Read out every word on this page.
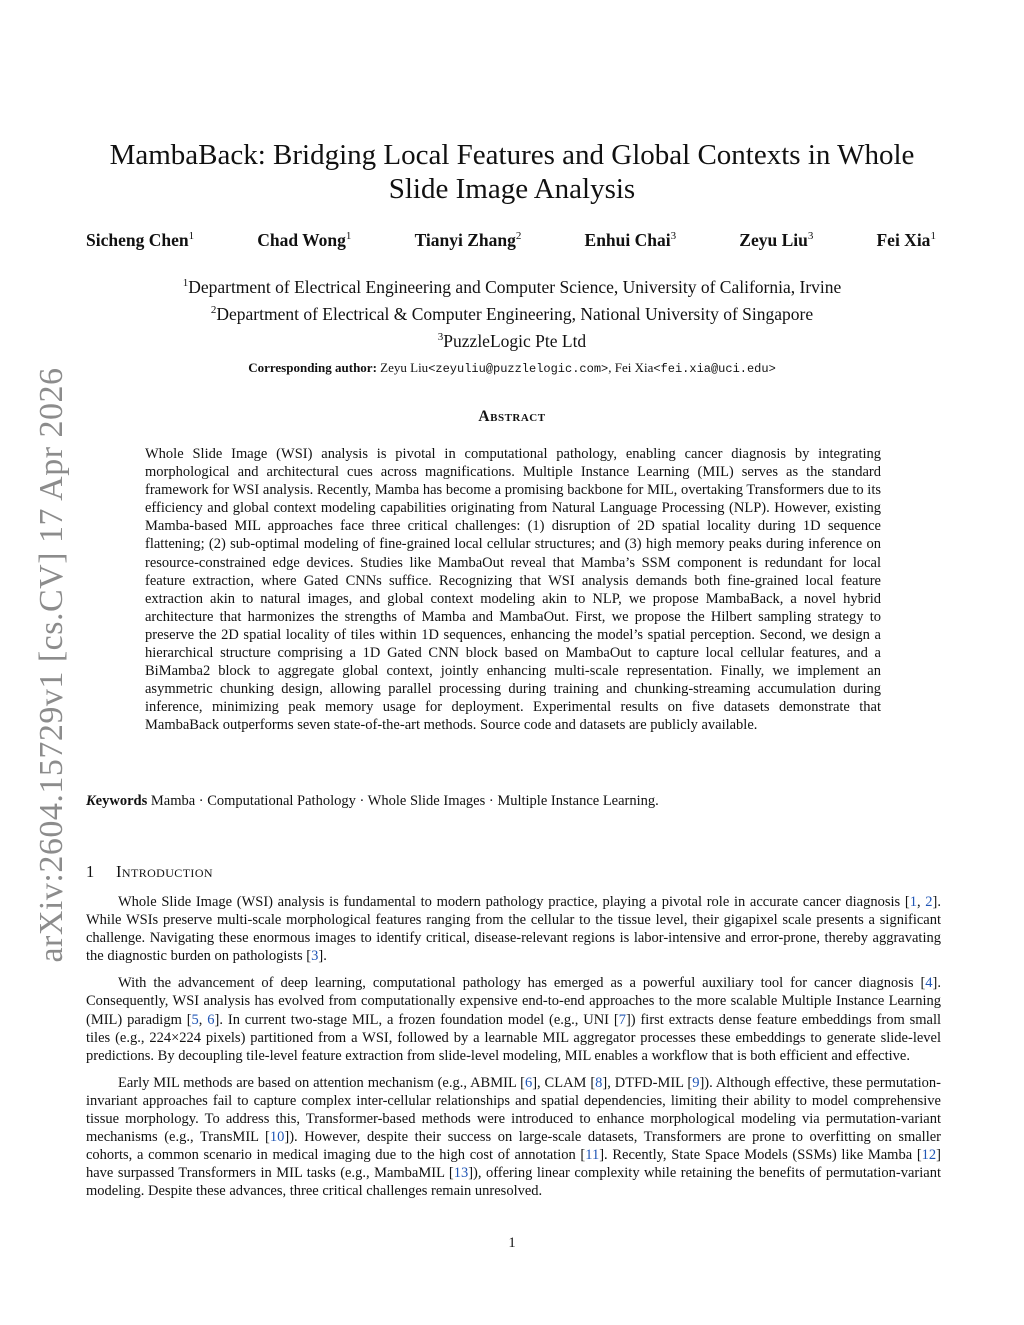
arXiv:2604.15729v1 [cs.CV] 17 Apr 2026
MambaBack: Bridging Local Features and Global Contexts in Whole Slide Image Analysis
Sicheng Chen$^1$	Chad Wong$^1$	Tianyi Zhang$^2$	Enhui Chai$^3$	Zeyu Liu$^3$	Fei Xia$^1$
$^1$Department of Electrical Engineering and Computer Science, University of California, Irvine
$^2$Department of Electrical & Computer Engineering, National University of Singapore
$^3$PuzzleLogic Pte Ltd
Corresponding author: Zeyu Liu<zeyuliu@puzzlelogic.com>, Fei Xia<fei.xia@uci.edu>
Abstract

Whole Slide Image (WSI) analysis is pivotal in computational pathology, enabling cancer diagnosis by integrating morphological and architectural cues across magnifications. Multiple Instance Learning (MIL) serves as the standard framework for WSI analysis. Recently, Mamba has become a promising backbone for MIL, overtaking Transformers due to its efficiency and global context modeling capabilities originating from Natural Language Processing (NLP). However, existing Mamba-based MIL approaches face three critical challenges: (1) disruption of 2D spatial locality during 1D sequence flattening; (2) sub-optimal modeling of fine-grained local cellular structures; and (3) high memory peaks during inference on resource-constrained edge devices. Studies like MambaOut reveal that Mamba’s SSM component is redundant for local feature extraction, where Gated CNNs suffice. Recognizing that WSI analysis demands both fine-grained local feature extraction akin to natural images, and global context modeling akin to NLP, we propose MambaBack, a novel hybrid architecture that harmonizes the strengths of Mamba and MambaOut. First, we propose the Hilbert sampling strategy to preserve the 2D spatial locality of tiles within 1D sequences, enhancing the model’s spatial perception. Second, we design a hierarchical structure comprising a 1D Gated CNN block based on MambaOut to capture local cellular features, and a BiMamba2 block to aggregate global context, jointly enhancing multi-scale representation. Finally, we implement an asymmetric chunking design, allowing parallel processing during training and chunking-streaming accumulation during inference, minimizing peak memory usage for deployment. Experimental results on five datasets demonstrate that MambaBack outperforms seven state-of-the-art methods. Source code and datasets are publicly available.

Keywords Mamba · Computational Pathology · Whole Slide Images · Multiple Instance Learning.
1 Introduction

Whole Slide Image (WSI) analysis is fundamental to modern pathology practice, playing a pivotal role in accurate cancer diagnosis [1, 2]. While WSIs preserve multi-scale morphological features ranging from the cellular to the tissue level, their gigapixel scale presents a significant challenge. Navigating these enormous images to identify critical, disease-relevant regions is labor-intensive and error-prone, thereby aggravating the diagnostic burden on pathologists [3].

With the advancement of deep learning, computational pathology has emerged as a powerful auxiliary tool for cancer diagnosis [4]. Consequently, WSI analysis has evolved from computationally expensive end-to-end approaches to the more scalable Multiple Instance Learning (MIL) paradigm [5, 6]. In current two-stage MIL, a frozen foundation model (e.g., UNI [7]) first extracts dense feature embeddings from small tiles (e.g., 224×224 pixels) partitioned from a WSI, followed by a learnable MIL aggregator processes these embeddings to generate slide-level predictions. By decoupling tile-level feature extraction from slide-level modeling, MIL enables a workflow that is both efficient and effective.

Early MIL methods are based on attention mechanism (e.g., ABMIL [6], CLAM [8], DTFD-MIL [9]). Although effective, these permutation-invariant approaches fail to capture complex inter-cellular relationships and spatial dependencies, limiting their ability to model comprehensive tissue morphology. To address this, Transformer-based methods were introduced to enhance morphological modeling via permutation-variant mechanisms (e.g., TransMIL [10]). However, despite their success on large-scale datasets, Transformers are prone to overfitting on smaller cohorts, a common scenario in medical imaging due to the high cost of annotation [11]. Recently, State Space Models (SSMs) like Mamba [12] have surpassed Transformers in MIL tasks (e.g., MambaMIL [13]), offering linear complexity while retaining the benefits of permutation-variant modeling. Despite these advances, three critical challenges remain unresolved.

1
